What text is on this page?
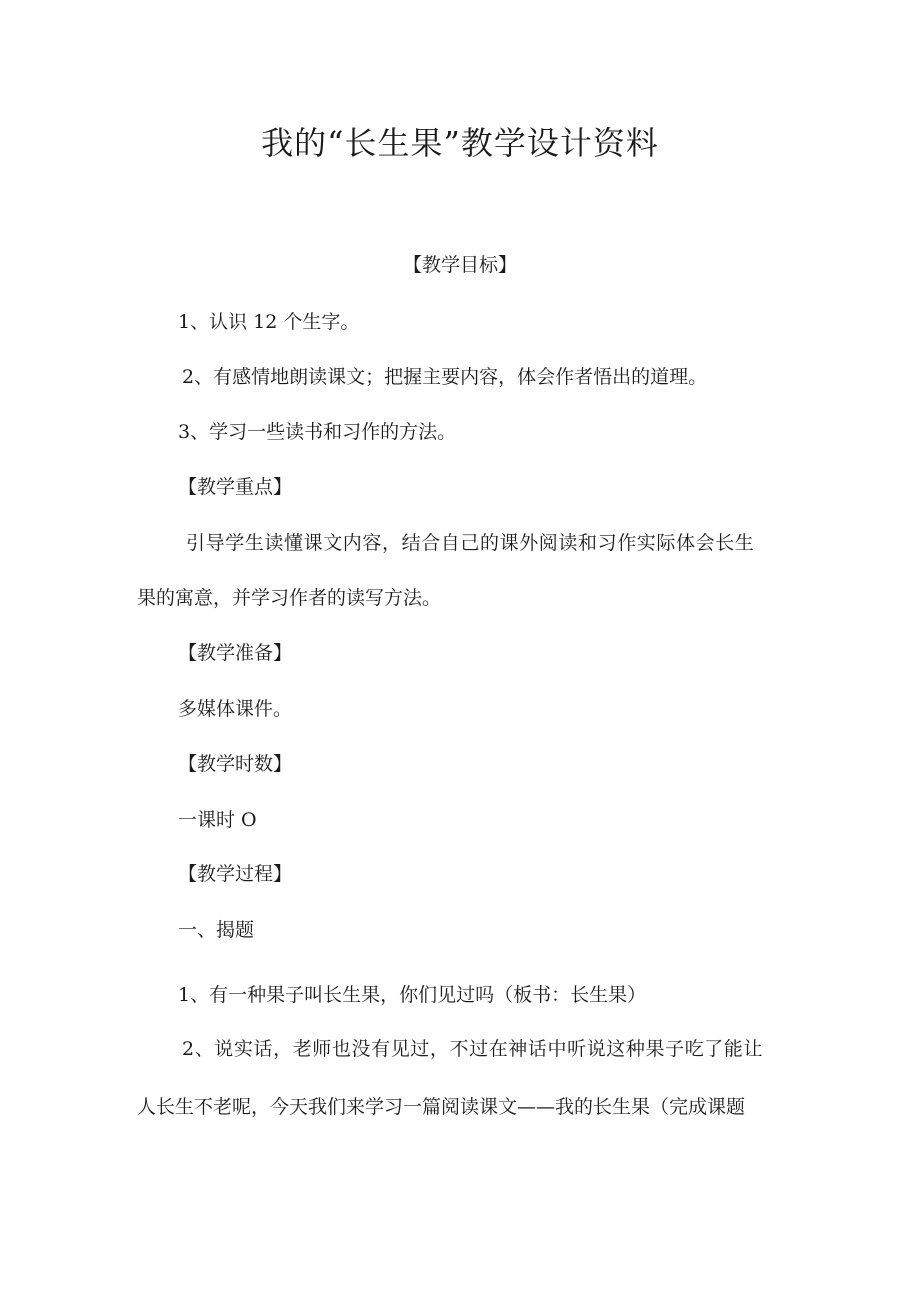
我的“长生果”教学设计资料
【教学目标】
1、认识 12 个生字。
2、有感情地朗读课文；把握主要内容，体会作者悟出的道理。
3、学习一些读书和习作的方法。
【教学重点】
引导学生读懂课文内容，结合自己的课外阅读和习作实际体会长生
果的寓意，并学习作者的读写方法。
【教学准备】
多媒体课件。
【教学时数】
一课时 O
【教学过程】
一、揭题
1、有一种果子叫长生果，你们见过吗（板书：长生果）
2、说实话，老师也没有见过，不过在神话中听说这种果子吃了能让
人长生不老呢，今天我们来学习一篇阅读课文——我的长生果（完成课题
